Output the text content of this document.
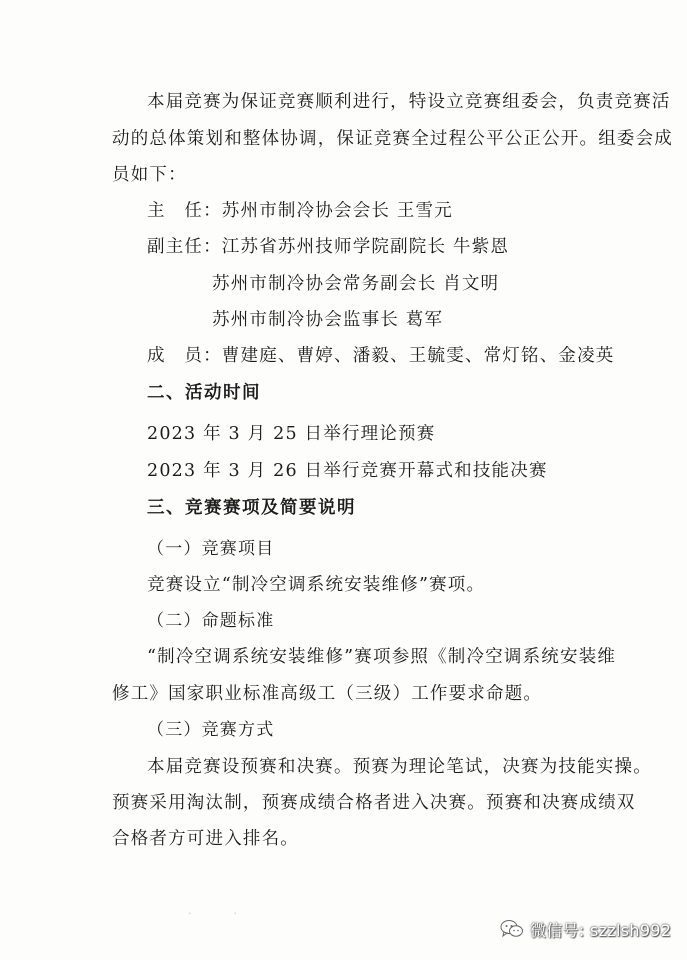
本届竞赛为保证竞赛顺利进行，特设立竞赛组委会，负责竞赛活
动的总体策划和整体协调，保证竞赛全过程公平公正公开。组委会成
员如下：
主　任：苏州市制冷协会会长 王雪元
副主任：江苏省苏州技师学院副院长 牛紫恩
苏州市制冷协会常务副会长 肖文明
苏州市制冷协会监事长 葛军
成　员：曹建庭、曹婷、潘毅、王毓雯、常灯铭、金凌英
二、活动时间
2023 年 3 月 25 日举行理论预赛
2023 年 3 月 26 日举行竞赛开幕式和技能决赛
三、竞赛赛项及简要说明
（一）竞赛项目
竞赛设立“制冷空调系统安装维修”赛项。
（二）命题标准
“制冷空调系统安装维修”赛项参照《制冷空调系统安装维
修工》国家职业标准高级工（三级）工作要求命题。
（三）竞赛方式
本届竞赛设预赛和决赛。预赛为理论笔试，决赛为技能实操。
预赛采用淘汰制，预赛成绩合格者进入决赛。预赛和决赛成绩双
合格者方可进入排名。
· 　 ·
微信号: szzlsh992
